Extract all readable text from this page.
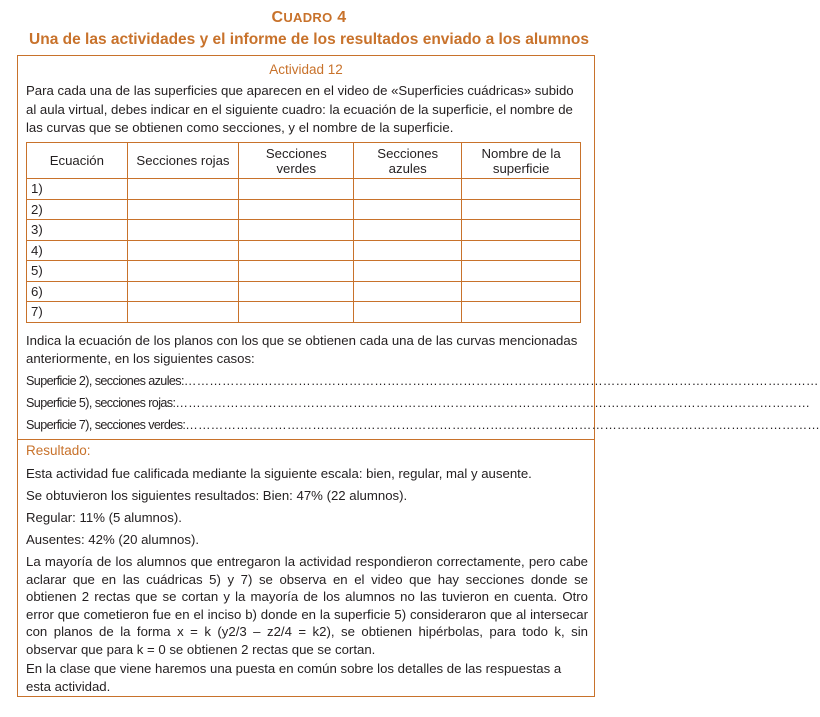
CUADRO 4
Una de las actividades y el informe de los resultados enviado a los alumnos
Actividad 12

Para cada una de las superficies que aparecen en el video de «Superficies cuádricas» subido al aula virtual, debes indicar en el siguiente cuadro: la ecuación de la superficie, el nombre de las curvas que se obtienen como secciones, y el nombre de la superficie.

Ecuación	Secciones rojas	Secciones verdes	Secciones azules	Nombre de la superficie
1)				
2)				
3)				
4)				
5)				
6)				
7)				

Indica la ecuación de los planos con los que se obtienen cada una de las curvas mencionadas anteriormente, en los siguientes casos:

Superficie 2), secciones azules:……………………………………………………………………………………………………………………………………
Superficie 5), secciones rojas:……………………………………………………………………………………………………………………………………
Superficie 7), secciones verdes:……………………………………………………………………………………………………………………………………
Resultado:

Esta actividad fue calificada mediante la siguiente escala: bien, regular, mal y ausente.

Se obtuvieron los siguientes resultados: Bien: 47% (22 alumnos).

Regular: 11% (5 alumnos).

Ausentes: 42% (20 alumnos).

La mayoría de los alumnos que entregaron la actividad respondieron correctamente, pero cabe aclarar que en las cuádricas 5) y 7) se observa en el video que hay secciones donde se obtienen 2 rectas que se cortan y la mayoría de los alumnos no las tuvieron en cuenta. Otro error que cometieron fue en el inciso b) donde en la superficie 5) consideraron que al intersecar con planos de la forma x = k (y2/3 – z2/4 = k2), se obtienen hipérbolas, para todo k, sin observar que para k = 0 se obtienen 2 rectas que se cortan.

En la clase que viene haremos una puesta en común sobre los detalles de las respuestas a esta actividad.
